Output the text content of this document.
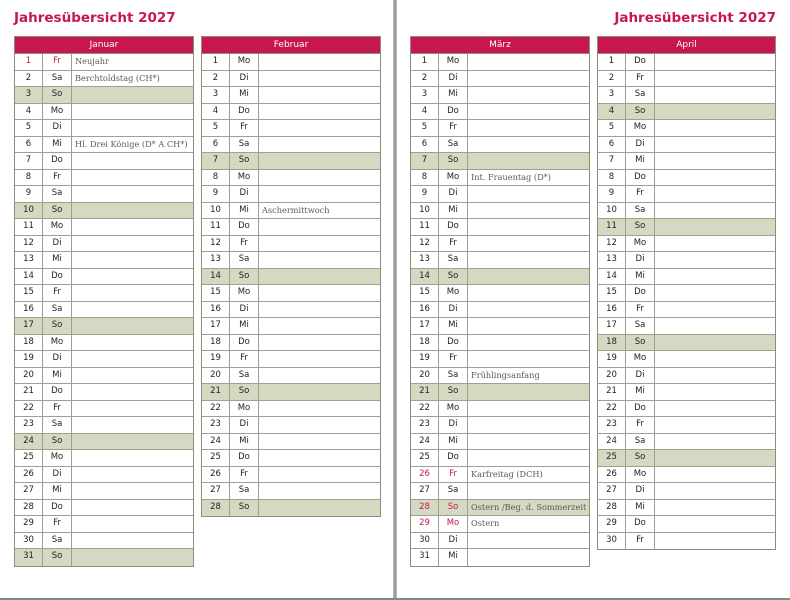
Jahresübersicht 2027
Januar
1	Fr	Neujahr
2	Sa	Berchtoldstag (CH*)
3	So
4	Mo
5	Di
6	Mi	Hl. Drei Könige (D* A CH*)
7	Do
8	Fr
9	Sa
10	So
11	Mo
12	Di
13	Mi
14	Do
15	Fr
16	Sa
17	So
18	Mo
19	Di
20	Mi
21	Do
22	Fr
23	Sa
24	So
25	Mo
26	Di
27	Mi
28	Do
29	Fr
30	Sa
31	So
Februar
1	Mo
2	Di
3	Mi
4	Do
5	Fr
6	Sa
7	So
8	Mo
9	Di
10	Mi	Aschermittwoch
11	Do
12	Fr
13	Sa
14	So
15	Mo
16	Di
17	Mi
18	Do
19	Fr
20	Sa
21	So
22	Mo
23	Di
24	Mi
25	Do
26	Fr
27	Sa
28	So
Jahresübersicht 2027
März
1	Mo
2	Di
3	Mi
4	Do
5	Fr
6	Sa
7	So
8	Mo	Int. Frauentag (D*)
9	Di
10	Mi
11	Do
12	Fr
13	Sa
14	So
15	Mo
16	Di
17	Mi
18	Do
19	Fr
20	Sa	Frühlingsanfang
21	So
22	Mo
23	Di
24	Mi
25	Do
26	Fr	Karfreitag (DCH)
27	Sa
28	So	Ostern /Beg. d. Sommerzeit
29	Mo	Ostern
30	Di
31	Mi
April
1	Do
2	Fr
3	Sa
4	So
5	Mo
6	Di
7	Mi
8	Do
9	Fr
10	Sa
11	So
12	Mo
13	Di
14	Mi
15	Do
16	Fr
17	Sa
18	So
19	Mo
20	Di
21	Mi
22	Do
23	Fr
24	Sa
25	So
26	Mo
27	Di
28	Mi
29	Do
30	Fr
